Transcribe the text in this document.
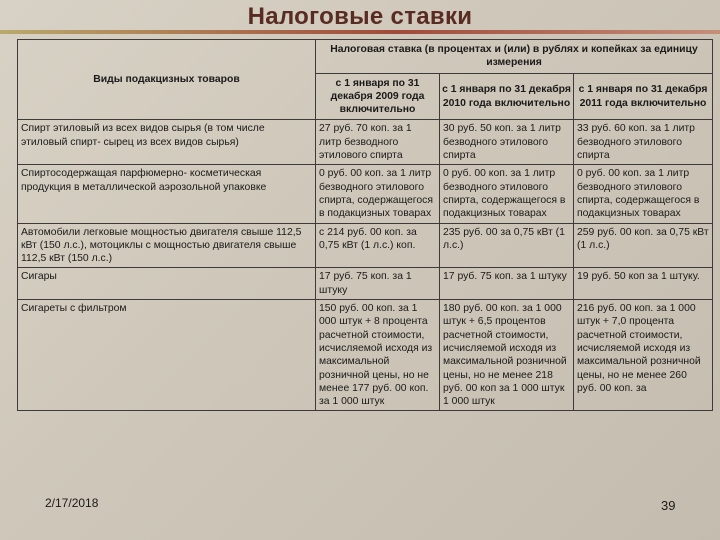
Налоговые ставки
Виды подакцизных товаров	Налоговая ставка (в процентах и (или) в рублях и копейках за единицу измерения		
	с 1 января по 31 декабря 2009 года включительно	с 1 января по 31 декабря 2010 года включительно	с 1 января по 31 декабря 2011 года включительно
Спирт этиловый из всех видов сырья (в том числе этиловый спирт- сырец из всех видов сырья)	27 руб. 70 коп. за 1 литр безводного этилового спирта	30 руб. 50 коп. за 1 литр безводного этилового спирта	33 руб. 60 коп. за 1 литр безводного этилового спирта
Спиртосодержащая парфюмерно- косметическая продукция в металлической аэрозольной упаковке	0 руб. 00 коп. за 1 литр безводного этилового спирта, содержащегося в подакцизных товарах	0 руб. 00 коп. за 1 литр безводного этилового спирта, содержащегося в подакцизных товарах	0 руб. 00 коп. за 1 литр безводного этилового спирта, содержащегося в подакцизных товарах
Автомобили легковые мощностью двигателя свыше 112,5 кВт (150 л.с.), мотоциклы с мощностью двигателя свыше 112,5 кВт (150 л.с.)	с 214 руб. 00 коп. за 0,75 кВт (1 л.с.) коп.	235 руб. 00 за 0,75 кВт (1 л.с.)	259 руб. 00 коп. за 0,75 кВт (1 л.с.)
Сигары	17 руб. 75 коп. за 1 штуку	17 руб. 75 коп. за 1 штуку	19 руб. 50 коп за 1 штуку.
Сигареты с фильтром	150 руб. 00 коп. за 1 000 штук + 8 процента расчетной стоимости, исчисляемой исходя из максимальной розничной цены, но не менее 177 руб. 00 коп. за 1 000 штук	180 руб. 00 коп. за 1 000 штук + 6,5 процентов расчетной стоимости, исчисляемой исходя из максимальной розничной цены, но не менее 218 руб. 00 коп за 1 000 штук 1 000 штук	216 руб. 00 коп. за 1 000 штук + 7,0 процента расчетной стоимости, исчисляемой исходя из максимальной розничной цены, но не менее 260 руб. 00 коп. за
2/17/2018	39
